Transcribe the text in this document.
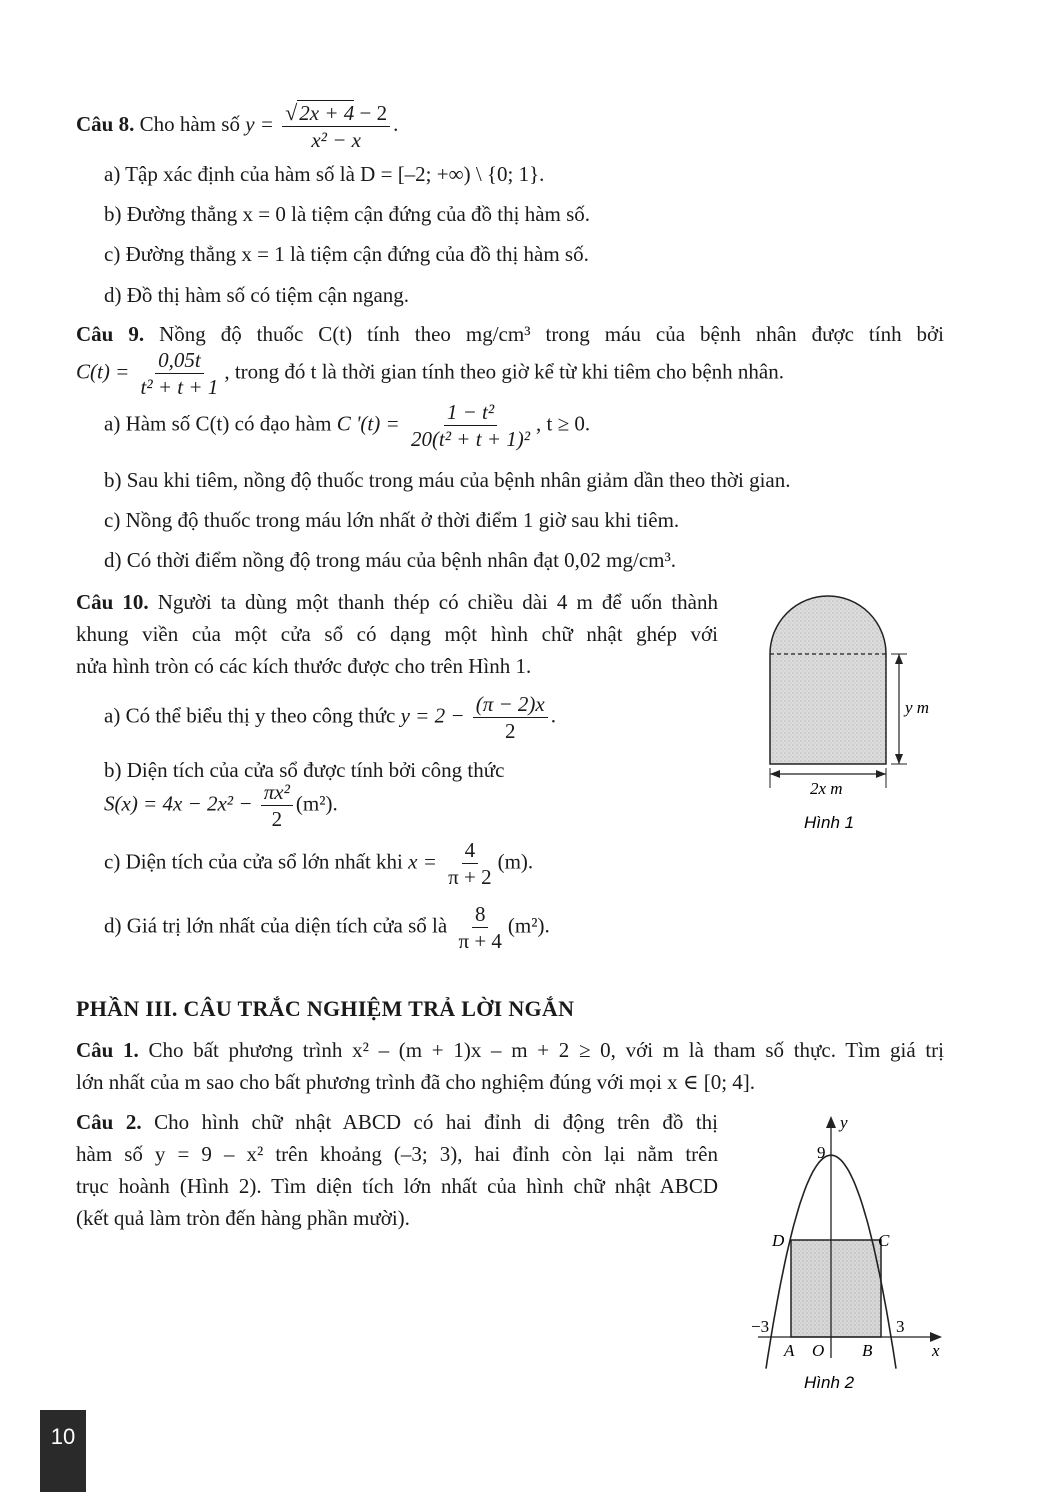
Câu 8. Cho hàm số $y = \frac{√2x + 4 - 2}{\text{x² − x}}$ .
a) Tập xác định của hàm số là D = [–2; +∞) \ {0; 1}.
b) Đường thẳng x = 0 là tiệm cận đứng của đồ thị hàm số.
c) Đường thẳng x = 1 là tiệm cận đứng của đồ thị hàm số.
d) Đồ thị hàm số có tiệm cận ngang.
Câu 9. Nồng độ thuốc C(t) tính theo mg/cm³ trong máu của bệnh nhân được tính bởi
$C(t) = \frac{0,05t}{\text{t² + t + 1}}$ , trong đó t là thời gian tính theo giờ kể từ khi tiêm cho bệnh nhân.
a) Hàm số C(t) có đạo hàm C '$(t) = \frac{\text{1 − t²}}{\text{20(t² + t + 1)²}}$ , t ≥ 0.
b) Sau khi tiêm, nồng độ thuốc trong máu của bệnh nhân giảm dần theo thời gian.
c) Nồng độ thuốc trong máu lớn nhất ở thời điểm 1 giờ sau khi tiêm.
d) Có thời điểm nồng độ trong máu của bệnh nhân đạt 0,02 mg/cm³.
Câu 10. Người ta dùng một thanh thép có chiều dài 4 m để uốn thành
khung viền của một cửa sổ có dạng một hình chữ nhật ghép với
nửa hình tròn có các kích thước được cho trên Hình 1.
a) Có thể biểu thị y theo công thức $y = 2 - \frac{(\pi - 2)x}{2}$ .
b) Diện tích của cửa sổ được tính bởi công thức
$S(x) = 4x - 2x^2 - \frac{\text{πx²}}{2} (m^2)$.
c) Diện tích của cửa sổ lớn nhất khi $x = \frac{4}{\pi + 2} (m)$.
d) Giá trị lớn nhất của diện tích cửa sổ là $\frac{8}{\pi + 4} (m^2)$.
y m
2x m
Hình 1
PHẦN III. CÂU TRẮC NGHIỆM TRẢ LỜI NGẮN
Câu 1. Cho bất phương trình x² – (m + 1)x – m + 2 ≥ 0, với m là tham số thực. Tìm giá trị
lớn nhất của m sao cho bất phương trình đã cho nghiệm đúng với mọi x ∈ [0; 4].
Câu 2. Cho hình chữ nhật ABCD có hai đỉnh di động trên đồ thị
hàm số y = 9 – x² trên khoảng (–3; 3), hai đỉnh còn lại nằm trên
trục hoành (Hình 2). Tìm diện tích lớn nhất của hình chữ nhật ABCD
(kết quả làm tròn đến hàng phần mười).
y
x
9
−3	3
D	C
A O B
Hình 2
10
